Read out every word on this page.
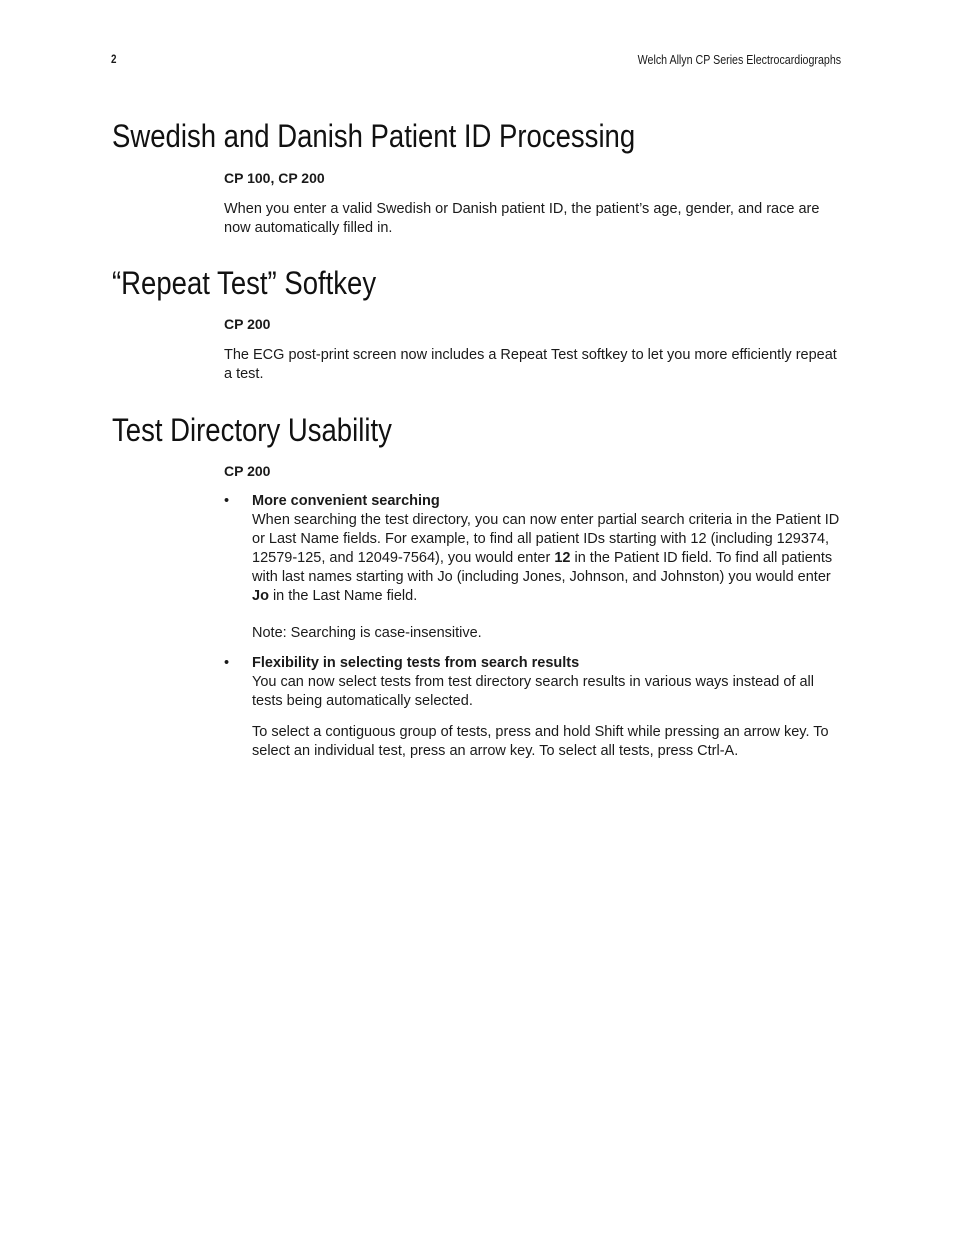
2	Welch Allyn CP Series Electrocardiographs
Swedish and Danish Patient ID Processing

CP 100, CP 200

When you enter a valid Swedish or Danish patient ID, the patient’s age, gender, and race are now automatically filled in.

“Repeat Test” Softkey

CP 200

The ECG post-print screen now includes a Repeat Test softkey to let you more efficiently repeat a test.

Test Directory Usability

CP 200

• More convenient searching

When searching the test directory, you can now enter partial search criteria in the Patient ID or Last Name fields. For example, to find all patient IDs starting with 12 (including 129374, 12579-125, and 12049-7564), you would enter 12 in the Patient ID field. To find all patients with last names starting with Jo (including Jones, Johnson, and Johnston) you would enter Jo in the Last Name field.

Note: Searching is case-insensitive.

• Flexibility in selecting tests from search results

You can now select tests from test directory search results in various ways instead of all tests being automatically selected.

To select a contiguous group of tests, press and hold Shift while pressing an arrow key. To select an individual test, press an arrow key. To select all tests, press Ctrl-A.
